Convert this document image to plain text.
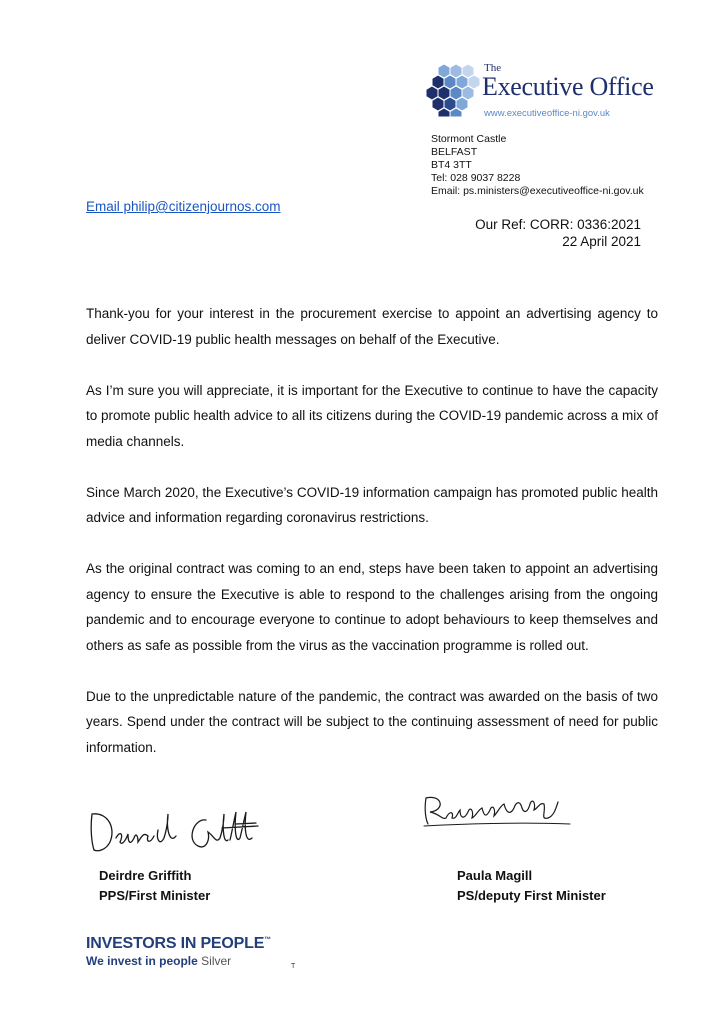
The
Executive Office
www.executiveoffice-ni.gov.uk
Stormont Castle
BELFAST
BT4 3TT
Tel: 028 9037 8228
Email: ps.ministers@executiveoffice-ni.gov.uk
Email philip@citizenjournos.com
Our Ref: CORR: 0336:2021
22 April 2021

Thank-you for your interest in the procurement exercise to appoint an advertising agency to deliver COVID-19 public health messages on behalf of the Executive.

As I’m sure you will appreciate, it is important for the Executive to continue to have the capacity to promote public health advice to all its citizens during the COVID-19 pandemic across a mix of media channels.

Since March 2020, the Executive’s COVID-19 information campaign has promoted public health advice and information regarding coronavirus restrictions.

As the original contract was coming to an end, steps have been taken to appoint an advertising agency to ensure the Executive is able to respond to the challenges arising from the ongoing pandemic and to encourage everyone to continue to adopt behaviours to keep themselves and others as safe as possible from the virus as the vaccination programme is rolled out.

Due to the unpredictable nature of the pandemic, the contract was awarded on the basis of two years. Spend under the contract will be subject to the continuing assessment of need for public information.

Deirdre Griffith
PPS/First Minister
Paula Magill
PS/deputy First Minister
INVESTORS IN PEOPLE™
We invest in people Silver	T
